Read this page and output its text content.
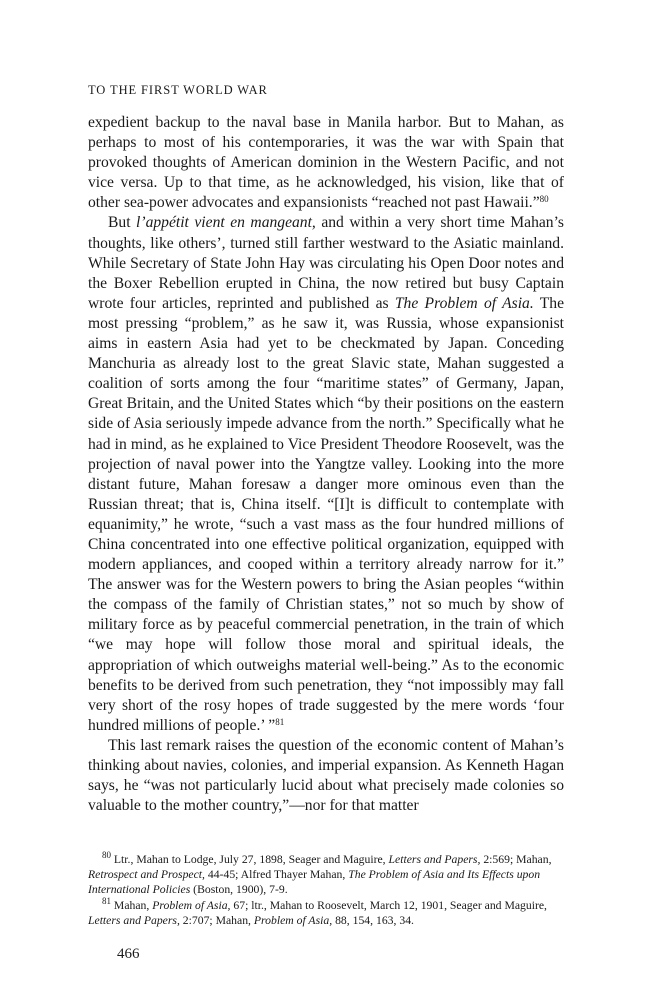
TO THE FIRST WORLD WAR

expedient backup to the naval base in Manila harbor. But to Mahan, as perhaps to most of his contemporaries, it was the war with Spain that provoked thoughts of American dominion in the Western Pacific, and not vice versa. Up to that time, as he acknowledged, his vision, like that of other sea-power advocates and expansionists “reached not past Hawaii.”$^{80}$

But l’appétit vient en mangeant, and within a very short time Mahan’s thoughts, like others’, turned still farther westward to the Asiatic mainland. While Secretary of State John Hay was circulating his Open Door notes and the Boxer Rebellion erupted in China, the now retired but busy Captain wrote four articles, reprinted and published as The Problem of Asia. The most pressing “problem,” as he saw it, was Russia, whose expansionist aims in eastern Asia had yet to be checkmated by Japan. Conceding Manchuria as already lost to the great Slavic state, Mahan suggested a coalition of sorts among the four “maritime states” of Germany, Japan, Great Britain, and the United States which “by their positions on the eastern side of Asia seriously impede advance from the north.” Specifically what he had in mind, as he explained to Vice President Theodore Roosevelt, was the projection of naval power into the Yangtze valley. Looking into the more distant future, Mahan foresaw a danger more ominous even than the Russian threat; that is, China itself. “[I]t is difficult to contemplate with equanimity,” he wrote, “such a vast mass as the four hundred millions of China concentrated into one effective political organization, equipped with modern appliances, and cooped within a territory already narrow for it.” The answer was for the Western powers to bring the Asian peoples “within the compass of the family of Christian states,” not so much by show of military force as by peaceful commercial penetration, in the train of which “we may hope will follow those moral and spiritual ideals, the appropriation of which outweighs material well-being.” As to the economic benefits to be derived from such penetration, they “not impossibly may fall very short of the rosy hopes of trade suggested by the mere words ‘four hundred millions of people.’ ”$^{81}$

This last remark raises the question of the economic content of Mahan’s thinking about navies, colonies, and imperial expansion. As Kenneth Hagan says, he “was not particularly lucid about what precisely made colonies so valuable to the mother country,”—nor for that matter

$^{80}$ Ltr., Mahan to Lodge, July 27, 1898, Seager and Maguire, Letters and Papers, 2:569; Mahan, Retrospect and Prospect, 44-45; Alfred Thayer Mahan, The Problem of Asia and Its Effects upon International Policies (Boston, 1900), 7-9.

$^{81}$ Mahan, Problem of Asia, 67; ltr., Mahan to Roosevelt, March 12, 1901, Seager and Maguire, Letters and Papers, 2:707; Mahan, Problem of Asia, 88, 154, 163, 34.

466
